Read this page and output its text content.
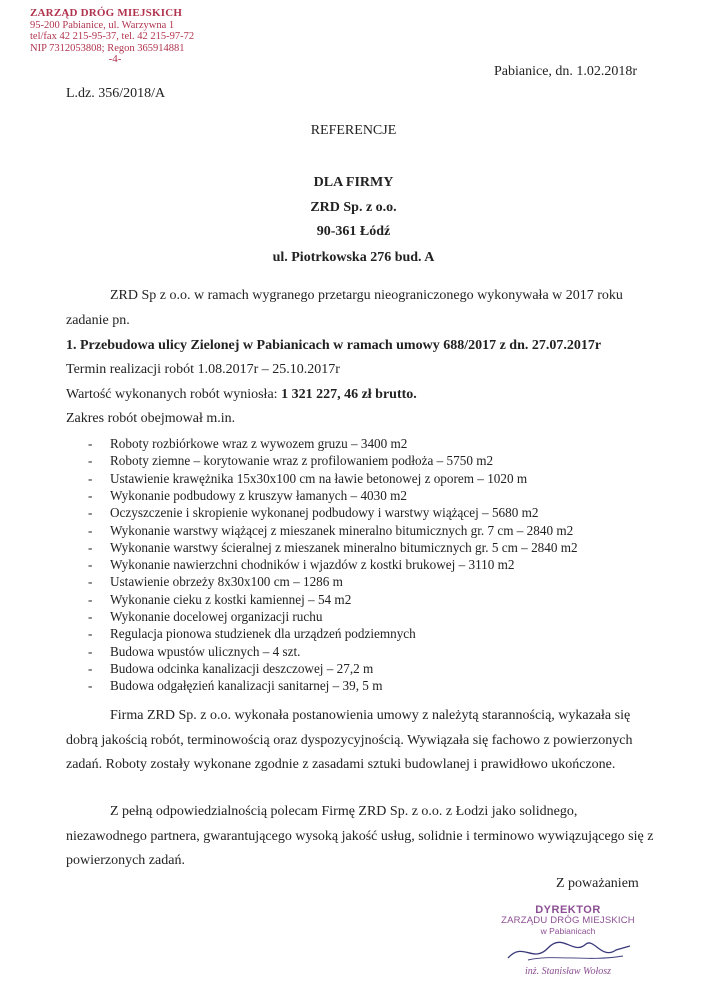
ZARZĄD DRÓG MIEJSKICH
95-200 Pabianice, ul. Warzywna 1
tel/fax 42 215-95-37, tel. 42 215-97-72
NIP 7312053808; Regon 365914881
-4-
Pabianice, dn. 1.02.2018r
L.dz. 356/2018/A
REFERENCJE
DLA FIRMY
ZRD Sp. z o.o.
90-361 Łódź
ul. Piotrkowska 276 bud. A
ZRD Sp z o.o. w ramach wygranego przetargu nieograniczonego wykonywała w 2017 roku
zadanie pn.
1. Przebudowa ulicy Zielonej w Pabianicach w ramach umowy 688/2017 z dn. 27.07.2017r
Termin realizacji robót 1.08.2017r – 25.10.2017r
Wartość wykonanych robót wyniosła: 1 321 227, 46 zł brutto.
Zakres robót obejmował m.in.
- Roboty rozbiórkowe wraz z wywozem gruzu – 3400 m2
- Roboty ziemne – korytowanie wraz z profilowaniem podłoża – 5750 m2
- Ustawienie krawężnika 15x30x100 cm na ławie betonowej z oporem – 1020 m
- Wykonanie podbudowy z kruszyw łamanych – 4030 m2
- Oczyszczenie i skropienie wykonanej podbudowy i warstwy wiążącej – 5680 m2
- Wykonanie warstwy wiążącej z mieszanek mineralno bitumicznych gr. 7 cm – 2840 m2
- Wykonanie warstwy ścieralnej z mieszanek mineralno bitumicznych gr. 5 cm – 2840 m2
- Wykonanie nawierzchni chodników i wjazdów z kostki brukowej – 3110 m2
- Ustawienie obrzeży 8x30x100 cm – 1286 m
- Wykonanie cieku z kostki kamiennej – 54 m2
- Wykonanie docelowej organizacji ruchu
- Regulacja pionowa studzienek dla urządzeń podziemnych
- Budowa wpustów ulicznych – 4 szt.
- Budowa odcinka kanalizacji deszczowej – 27,2 m
- Budowa odgałęzień kanalizacji sanitarnej – 39, 5 m
Firma ZRD Sp. z o.o. wykonała postanowienia umowy z należytą starannością, wykazała się dobrą jakością robót, terminowością oraz dyspozycyjnością. Wywiązała się fachowo z powierzonych zadań. Roboty zostały wykonane zgodnie z zasadami sztuki budowlanej i prawidłowo ukończone.
Z pełną odpowiedzialnością polecam Firmę ZRD Sp. z o.o. z Łodzi jako solidnego, niezawodnego partnera, gwarantującego wysoką jakość usług, solidnie i terminowo wywiązującego się z powierzonych zadań.
Z poważaniem
DYREKTOR
ZARZĄDU DRÓG MIEJSKICH
w Pabianicach
inż. Stanisław Wołosz
